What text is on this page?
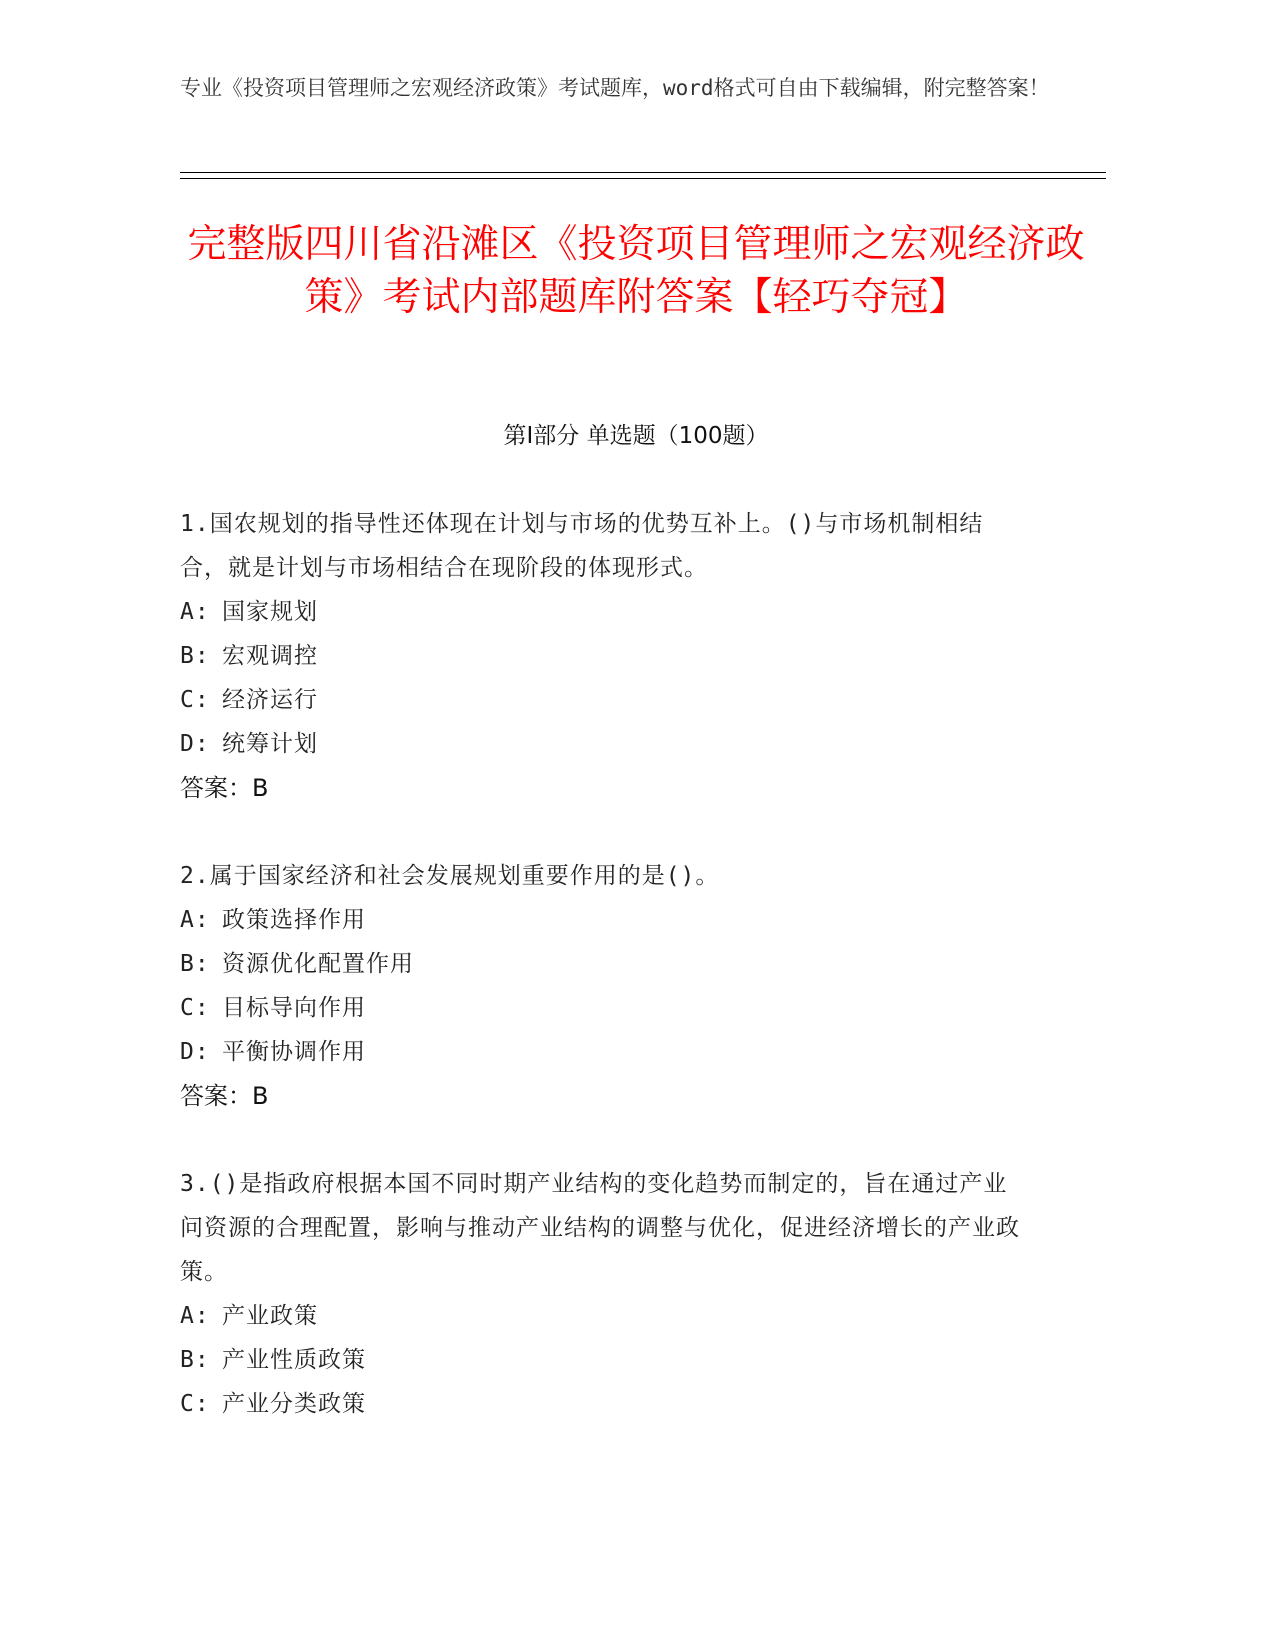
专业《投资项目管理师之宏观经济政策》考试题库，word格式可自由下载编辑，附完整答案！
完整版四川省沿滩区《投资项目管理师之宏观经济政策》考试内部题库附答案【轻巧夺冠】
第I部分 单选题（100题）

1.国农规划的指导性还体现在计划与市场的优势互补上。()与市场机制相结合，就是计划与市场相结合在现阶段的体现形式。

A: 国家规划
B: 宏观调控
C: 经济运行
D: 统筹计划

答案：B

2.属于国家经济和社会发展规划重要作用的是()。

A: 政策选择作用
B: 资源优化配置作用
C: 目标导向作用
D: 平衡协调作用

答案：B

3.()是指政府根据本国不同时期产业结构的变化趋势而制定的，旨在通过产业问资源的合理配置，影响与推动产业结构的调整与优化，促进经济增长的产业政策。

A: 产业政策
B: 产业性质政策
C: 产业分类政策
